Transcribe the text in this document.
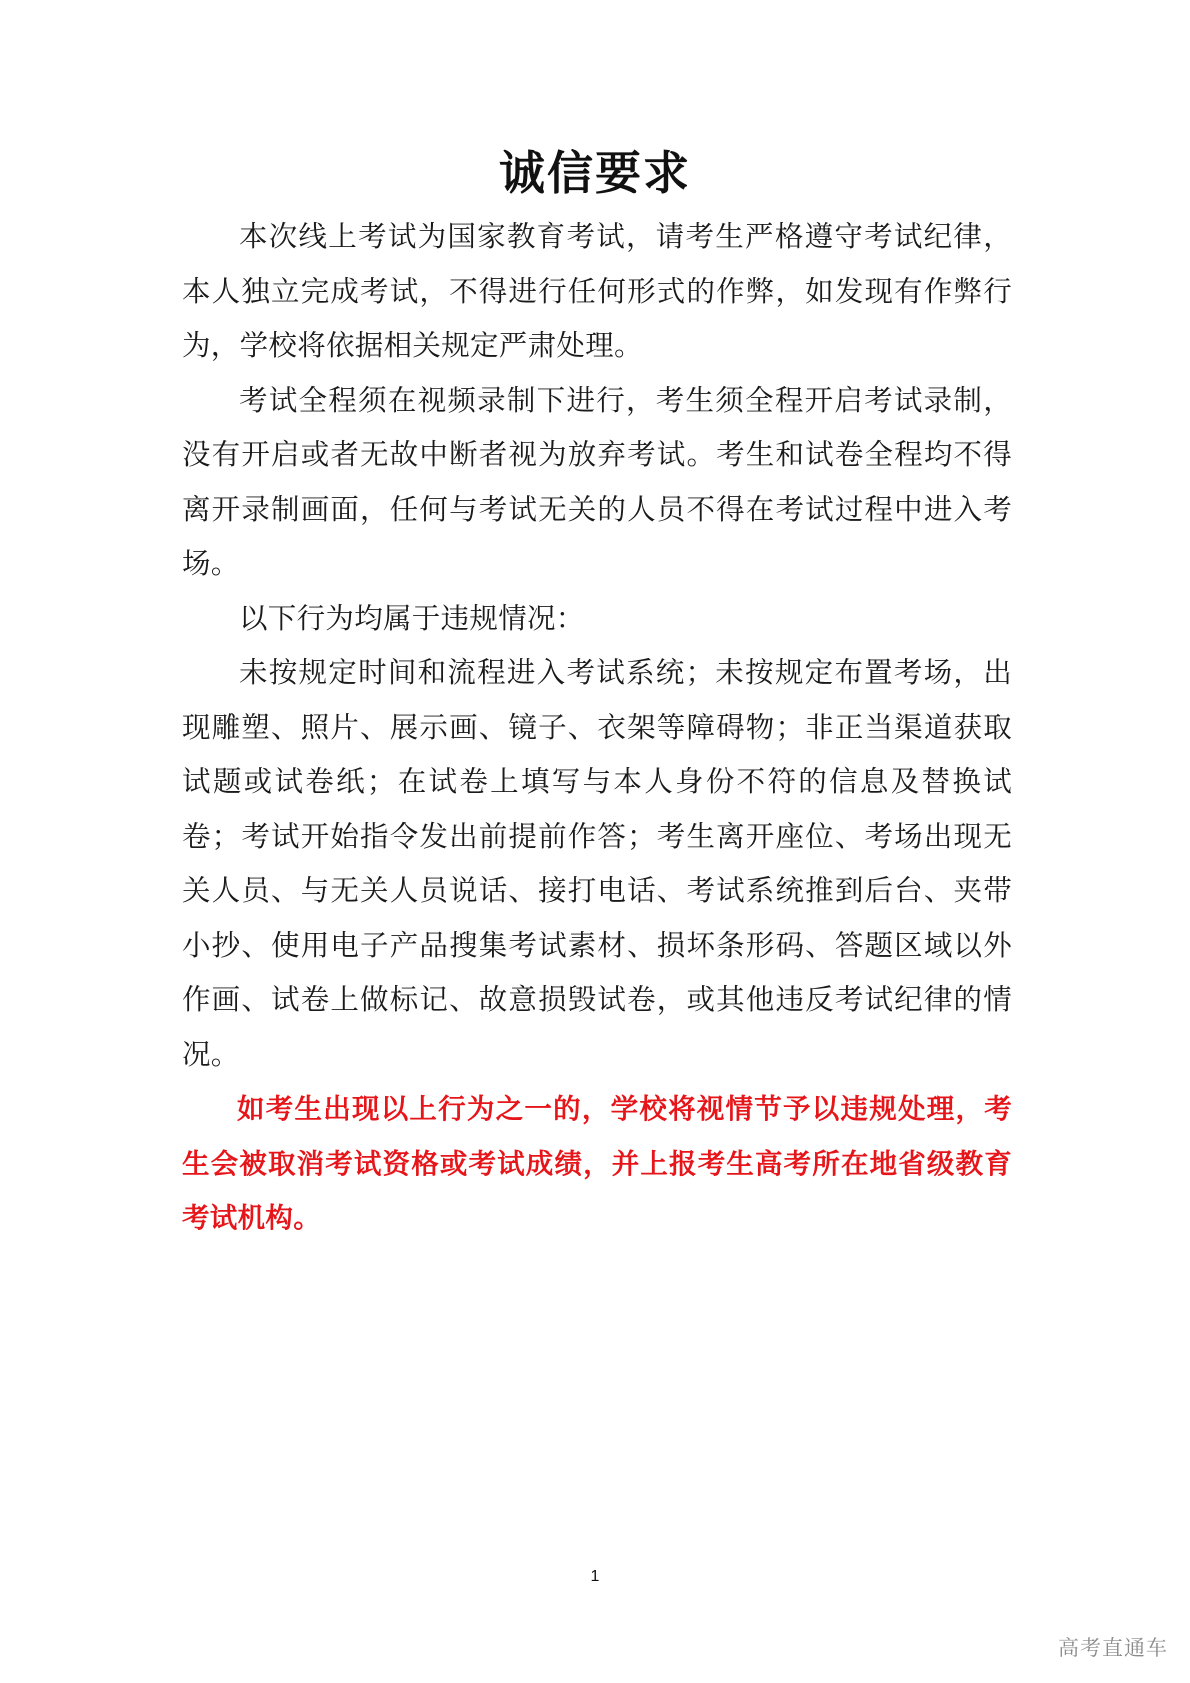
诚信要求

本次线上考试为国家教育考试，请考生严格遵守考试纪律，本人独立完成考试，不得进行任何形式的作弊，如发现有作弊行为，学校将依据相关规定严肃处理。

考试全程须在视频录制下进行，考生须全程开启考试录制，没有开启或者无故中断者视为放弃考试。考生和试卷全程均不得离开录制画面，任何与考试无关的人员不得在考试过程中进入考场。

以下行为均属于违规情况：

未按规定时间和流程进入考试系统；未按规定布置考场，出现雕塑、照片、展示画、镜子、衣架等障碍物；非正当渠道获取试题或试卷纸；在试卷上填写与本人身份不符的信息及替换试卷；考试开始指令发出前提前作答；考生离开座位、考场出现无关人员、与无关人员说话、接打电话、考试系统推到后台、夹带小抄、使用电子产品搜集考试素材、损坏条形码、答题区域以外作画、试卷上做标记、故意损毁试卷，或其他违反考试纪律的情况。

如考生出现以上行为之一的，学校将视情节予以违规处理，考生会被取消考试资格或考试成绩，并上报考生高考所在地省级教育考试机构。

1
高考直通车
